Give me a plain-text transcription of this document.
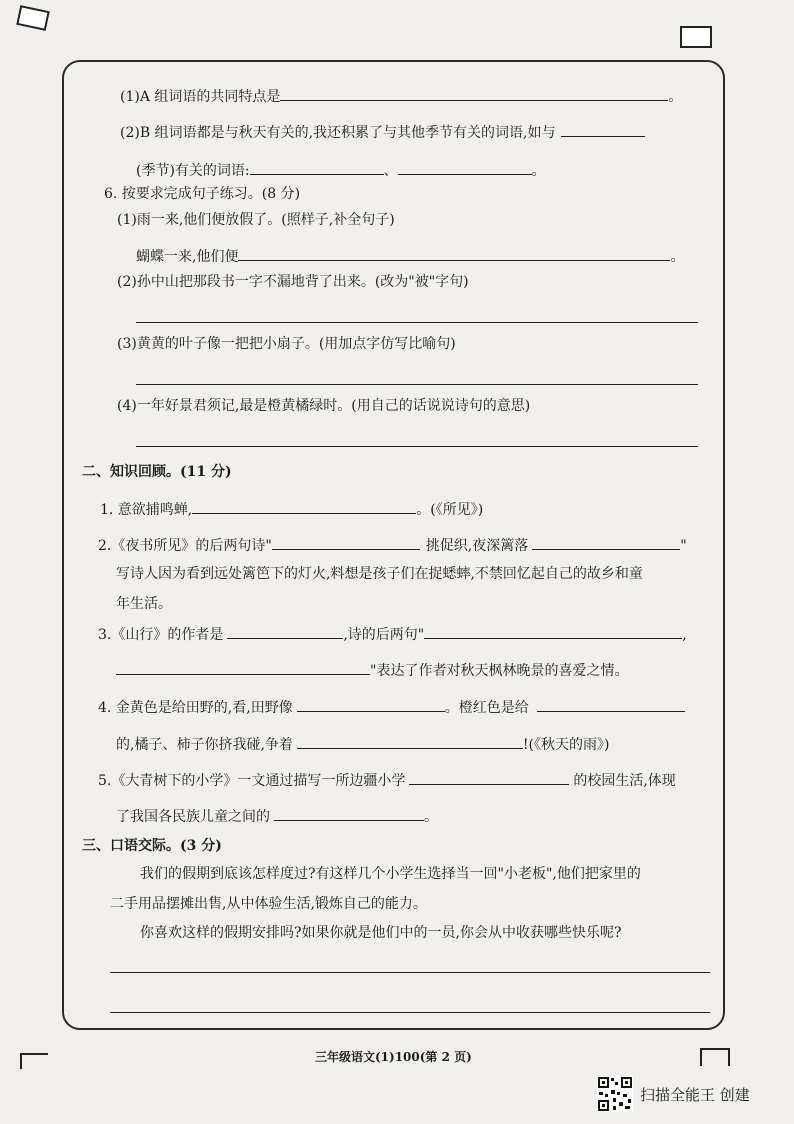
(1)A 组词语的共同特点是	。
(2)B 组词语都是与秋天有关的,我还积累了与其他季节有关的词语,如与
(季节)有关的词语:	、	。
6. 按要求完成句子练习。(8 分)
(1)雨一来,他们便放假了。(照样子,补全句子)
蝴蝶一来,他们便	。
(2)孙中山把那段书一字不漏地背了出来。(改为"被"字句)
(3)黄黄的叶子像一把把小扇子。(用加点字仿写比喻句)
(4)一年好景君须记,最是橙黄橘绿时。(用自己的话说说诗句的意思)
二、知识回顾。(11 分)
1. 意欲捕鸣蝉,	。(《所见》)
2.《夜书所见》的后两句诗"	挑促织,夜深篱落	"
写诗人因为看到远处篱笆下的灯火,料想是孩子们在捉蟋蟀,不禁回忆起自己的故乡和童
年生活。
3.《山行》的作者是	,诗的后两句"	,
"表达了作者对秋天枫林晚景的喜爱之情。
4. 金黄色是给田野的,看,田野像	。橙红色是给
的,橘子、柿子你挤我碰,争着	!(《秋天的雨》)
5.《大青树下的小学》一文通过描写一所边疆小学	的校园生活,体现
了我国各民族儿童之间的	。
三、口语交际。(3 分)
我们的假期到底该怎样度过?有这样几个小学生选择当一回"小老板",他们把家里的
二手用品摆摊出售,从中体验生活,锻炼自己的能力。
你喜欢这样的假期安排吗?如果你就是他们中的一员,你会从中收获哪些快乐呢?
三年级语文(1)100(第 2 页)
扫描全能王 创建
